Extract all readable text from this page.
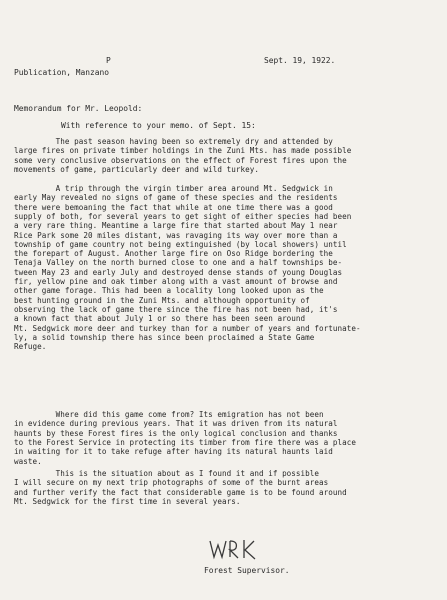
P	Sept. 19, 1922.
Publication, Manzano
Memorandum for Mr. Leopold:
With reference to your memo. of Sept. 15:
The past season having been so extremely dry and attended by
large fires on private timber holdings in the Zuni Mts. has made possible
some very conclusive observations on the effect of Forest fires upon the
movements of game, particularly deer and wild turkey.
A trip through the virgin timber area around Mt. Sedgwick in
early May revealed no signs of game of these species and the residents
there were bemoaning the fact that while at one time there was a good
supply of both, for several years to get sight of either species had been
a very rare thing. Meantime a large fire that started about May 1 near
Rice Park some 20 miles distant, was ravaging its way over more than a
township of game country not being extinguished (by local showers) until
the forepart of August. Another large fire on Oso Ridge bordering the
Tenaja Valley on the north burned close to one and a half townships be-
tween May 23 and early July and destroyed dense stands of young Douglas
fir, yellow pine and oak timber along with a vast amount of browse and
other game forage. This had been a locality long looked upon as the
best hunting ground in the Zuni Mts. and although opportunity of
observing the lack of game there since the fire has not been had, it's
a known fact that about July 1 or so there has been seen around
Mt. Sedgwick more deer and turkey than for a number of years and fortunate-
ly, a solid township there has since been proclaimed a State Game
Refuge.
Where did this game come from? Its emigration has not been
in evidence during previous years. That it was driven from its natural
haunts by these Forest fires is the only logical conclusion and thanks
to the Forest Service in protecting its timber from fire there was a place
in waiting for it to take refuge after having its natural haunts laid
waste.
This is the situation about as I found it and if possible
I will secure on my next trip photographs of some of the burnt areas
and further verify the fact that considerable game is to be found around
Mt. Sedgwick for the first time in several years.
Forest Supervisor.
